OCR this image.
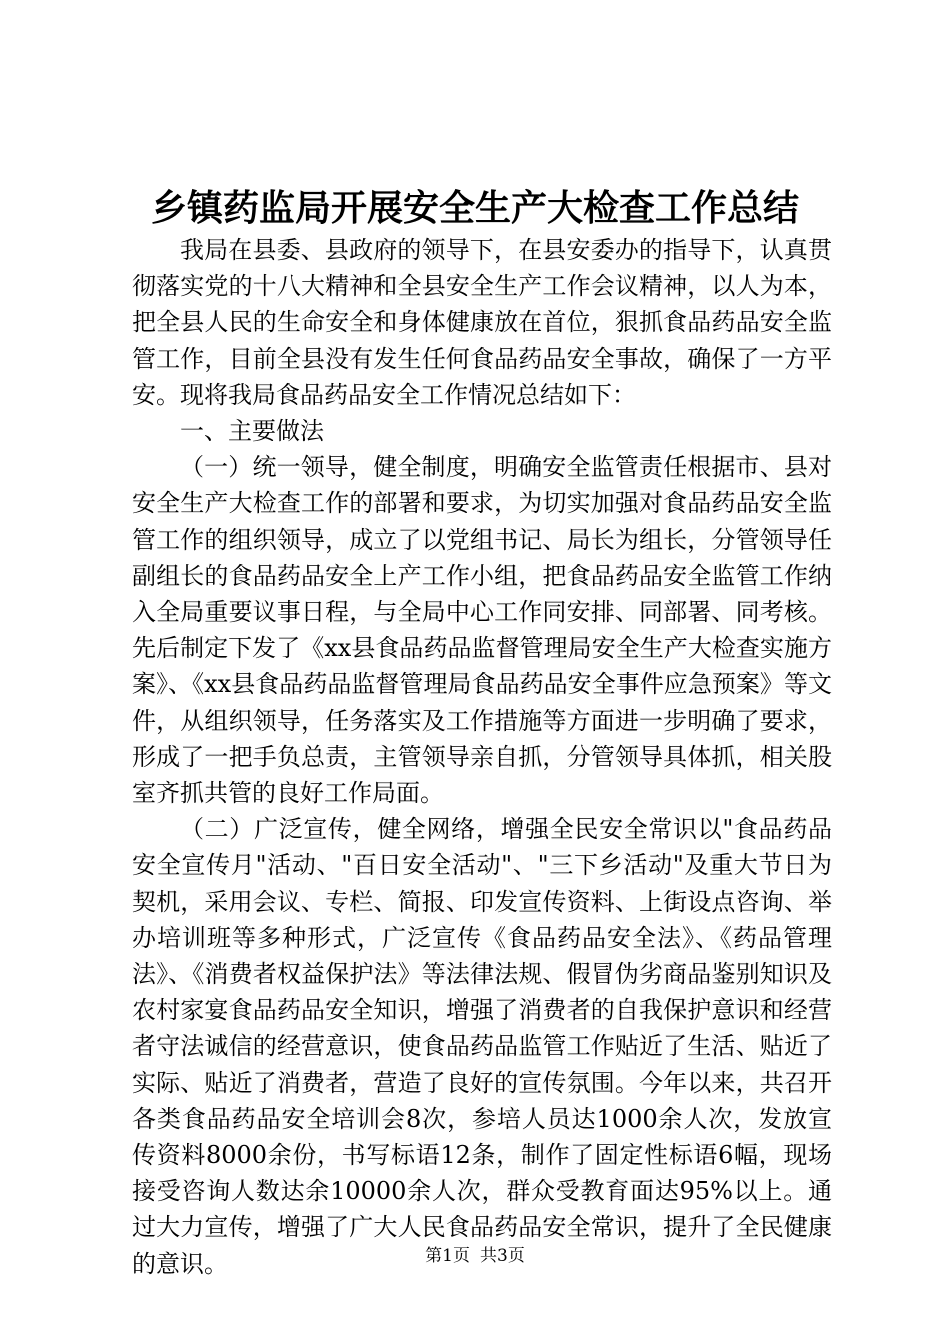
乡镇药监局开展安全生产大检查工作总结

我局在县委、县政府的领导下，在县安委办的指导下，认真贯彻落实党的十八大精神和全县安全生产工作会议精神，以人为本，把全县人民的生命安全和身体健康放在首位，狠抓食品药品安全监管工作，目前全县没有发生任何食品药品安全事故，确保了一方平安。现将我局食品药品安全工作情况总结如下：

一、主要做法

（一）统一领导，健全制度，明确安全监管责任根据市、县对安全生产大检查工作的部署和要求，为切实加强对食品药品安全监管工作的组织领导，成立了以党组书记、局长为组长，分管领导任副组长的食品药品安全上产工作小组，把食品药品安全监管工作纳入全局重要议事日程，与全局中心工作同安排、同部署、同考核。先后制定下发了《xx县食品药品监督管理局安全生产大检查实施方案》、《xx县食品药品监督管理局食品药品安全事件应急预案》等文件，从组织领导，任务落实及工作措施等方面进一步明确了要求，形成了一把手负总责，主管领导亲自抓，分管领导具体抓，相关股室齐抓共管的良好工作局面。

（二）广泛宣传，健全网络，增强全民安全常识以"食品药品安全宣传月"活动、"百日安全活动"、"三下乡活动"及重大节日为契机，采用会议、专栏、简报、印发宣传资料、上街设点咨询、举办培训班等多种形式，广泛宣传《食品药品安全法》、《药品管理法》、《消费者权益保护法》等法律法规、假冒伪劣商品鉴别知识及农村家宴食品药品安全知识，增强了消费者的自我保护意识和经营者守法诚信的经营意识，使食品药品监管工作贴近了生活、贴近了实际、贴近了消费者，营造了良好的宣传氛围。今年以来，共召开各类食品药品安全培训会8次，参培人员达1000余人次，发放宣传资料8000余份，书写标语12条，制作了固定性标语6幅，现场接受咨询人数达余10000余人次，群众受教育面达95%以上。通过大力宣传，增强了广大人民食品药品安全常识，提升了全民健康的意识。	第1页 共3页
